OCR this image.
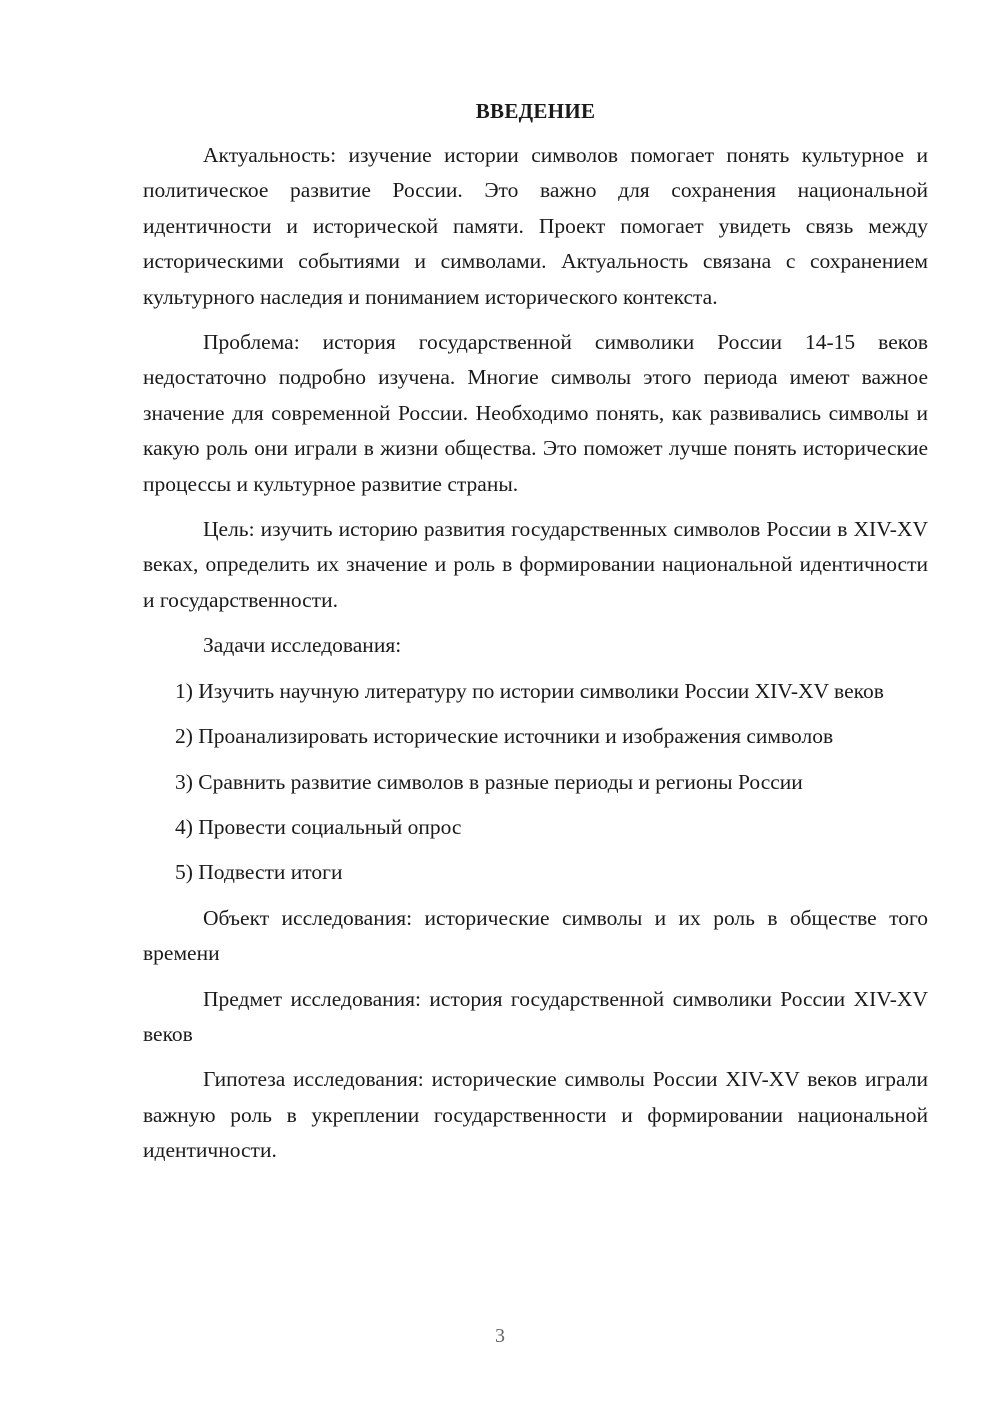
ВВЕДЕНИЕ

Актуальность: изучение истории символов помогает понять культурное и политическое развитие России. Это важно для сохранения национальной идентичности и исторической памяти. Проект помогает увидеть связь между историческими событиями и символами. Актуальность связана с сохранением культурного наследия и пониманием исторического контекста.

Проблема: история государственной символики России 14-15 веков недостаточно подробно изучена. Многие символы этого периода имеют важное значение для современной России. Необходимо понять, как развивались символы и какую роль они играли в жизни общества. Это поможет лучше понять исторические процессы и культурное развитие страны.

Цель: изучить историю развития государственных символов России в XIV-XV веках, определить их значение и роль в формировании национальной идентичности и государственности.

Задачи исследования:

1) Изучить научную литературу по истории символики России XIV-XV веков

2) Проанализировать исторические источники и изображения символов

3) Сравнить развитие символов в разные периоды и регионы России

4) Провести социальный опрос

5) Подвести итоги

Объект исследования: исторические символы и их роль в обществе того времени

Предмет исследования: история государственной символики России XIV-XV веков

Гипотеза исследования: исторические символы России XIV-XV веков играли важную роль в укреплении государственности и формировании национальной идентичности.

3
